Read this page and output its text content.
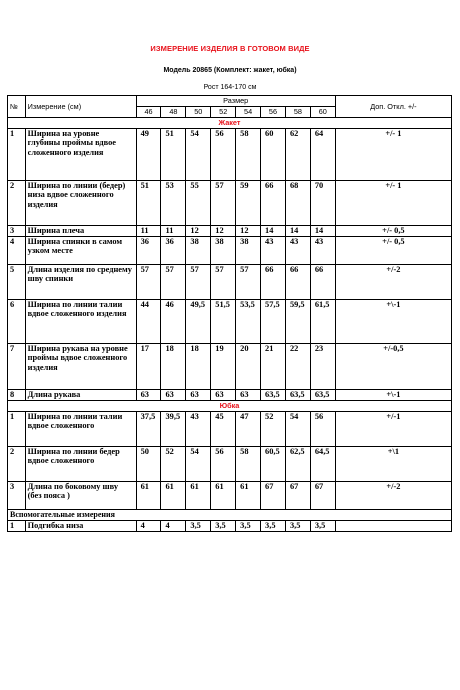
ИЗМЕРЕНИЕ ИЗДЕЛИЯ В ГОТОВОМ ВИДЕ
Модель 20865 (Комплект: жакет, юбка)
Рост 164-170 см
№	Измерение (см)	Размер								Доп. Откл. +/-
		46	48	50	52	54	56	58	60	
Жакет										
1	Ширина на уровне глубины проймы вдвое сложенного изделия	49	51	54	56	58	60	62	64	+/- 1
2	Ширина по линии (бедер) низа вдвое сложенного изделия	51	53	55	57	59	66	68	70	+/- 1
3	Ширина плеча	11	11	12	12	12	14	14	14	+/- 0,5
4	Ширина спинки в самом узком месте	36	36	38	38	38	43	43	43	+/- 0,5
5	Длина изделия по среднему шву спинки	57	57	57	57	57	66	66	66	+/-2
6	Ширина по линии талии вдвое сложенного изделия	44	46	49,5	51,5	53,5	57,5	59,5	61,5	+\-1
7	Ширина рукава на уровне проймы вдвое сложенного изделия	17	18	18	19	20	21	22	23	+/-0,5
8	Длина рукава	63	63	63	63	63	63,5	63,5	63,5	+\-1
Юбка										
1	Ширина по линии талии вдвое сложенного	37,5	39,5	43	45	47	52	54	56	+/-1
2	Ширина по линии бедер вдвое сложенного	50	52	54	56	58	60,5	62,5	64,5	+\1
3	Длина по боковому шву (без пояса )	61	61	61	61	61	67	67	67	+/-2
Вспомогательные измерения										
1	Подгибка низа	4	4	3,5	3,5	3,5	3,5	3,5	3,5	
